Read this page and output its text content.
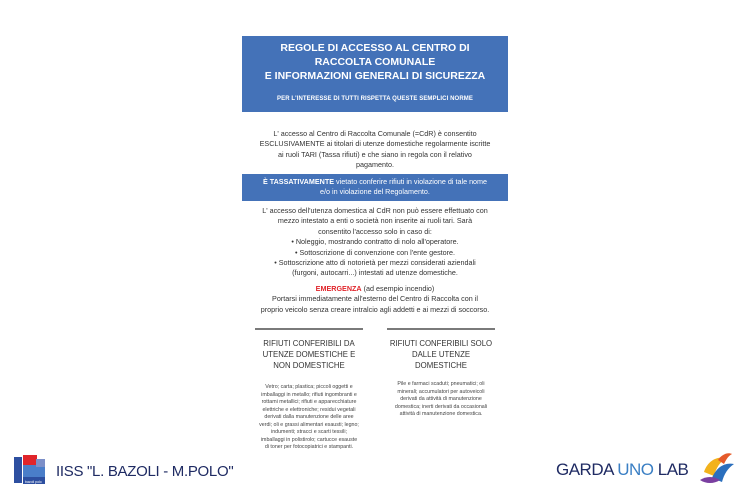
REGOLE DI ACCESSO AL CENTRO DI
RACCOLTA COMUNALE
E INFORMAZIONI GENERALI DI SICUREZZA
PER L'INTERESSE DI TUTTI RISPETTA QUESTE SEMPLICI NORME
L' accesso al Centro di Raccolta Comunale (=CdR) è consentito
ESCLUSIVAMENTE ai titolari di utenze domestiche regolarmente iscritte
ai ruoli TARI (Tassa rifiuti) e che siano in regola con il relativo
pagamento.
È TASSATIVAMENTE vietato conferire rifiuti in violazione di tale nome
e/o in violazione del Regolamento.
L' accesso dell'utenza domestica al CdR non può essere effettuato con
mezzo intestato a enti o società non inserite ai ruoli tari. Sarà
consentito l'accesso solo in caso di:
• Noleggio, mostrando contratto di nolo all'operatore.
• Sottoscrizione di convenzione con l'ente gestore.
• Sottoscrizione atto di notorietà per mezzi considerati aziendali
(furgoni, autocarri...) intestati ad utenze domestiche.
EMERGENZA (ad esempio incendio)
Portarsi immediatamente all'esterno del Centro di Raccolta con il
proprio veicolo senza creare intralcio agli addetti e ai mezzi di soccorso.
RIFIUTI CONFERIBILI DA
UTENZE DOMESTICHE E
NON DOMESTICHE
RIFIUTI CONFERIBILI SOLO
DALLE UTENZE
DOMESTICHE
Vetro; carta; plastica; piccoli oggetti e
imballaggi in metallo; rifiuti ingombranti e
rottami metallici; rifiuti e apparecchiature
elettriche e elettroniche; residui vegetali
derivati dalla manutenzione delle aree
verdi; oli e grassi alimentari esausti; legno;
indumenti; stracci e scarti tessili;
imballaggi in polistirolo; cartucce esauste
di toner per fotocopiatrici e stampanti.
Pile e farmaci scaduti; pneumatici; oli
minerali; accumulatori per autoveicoli
derivati da attività di manutenzione
domestica; inerti derivati da occasionali
attività di manutenzione domestica.
bazoli polo
IISS "L. BAZOLI - M.POLO"	GARDA UNO LAB
